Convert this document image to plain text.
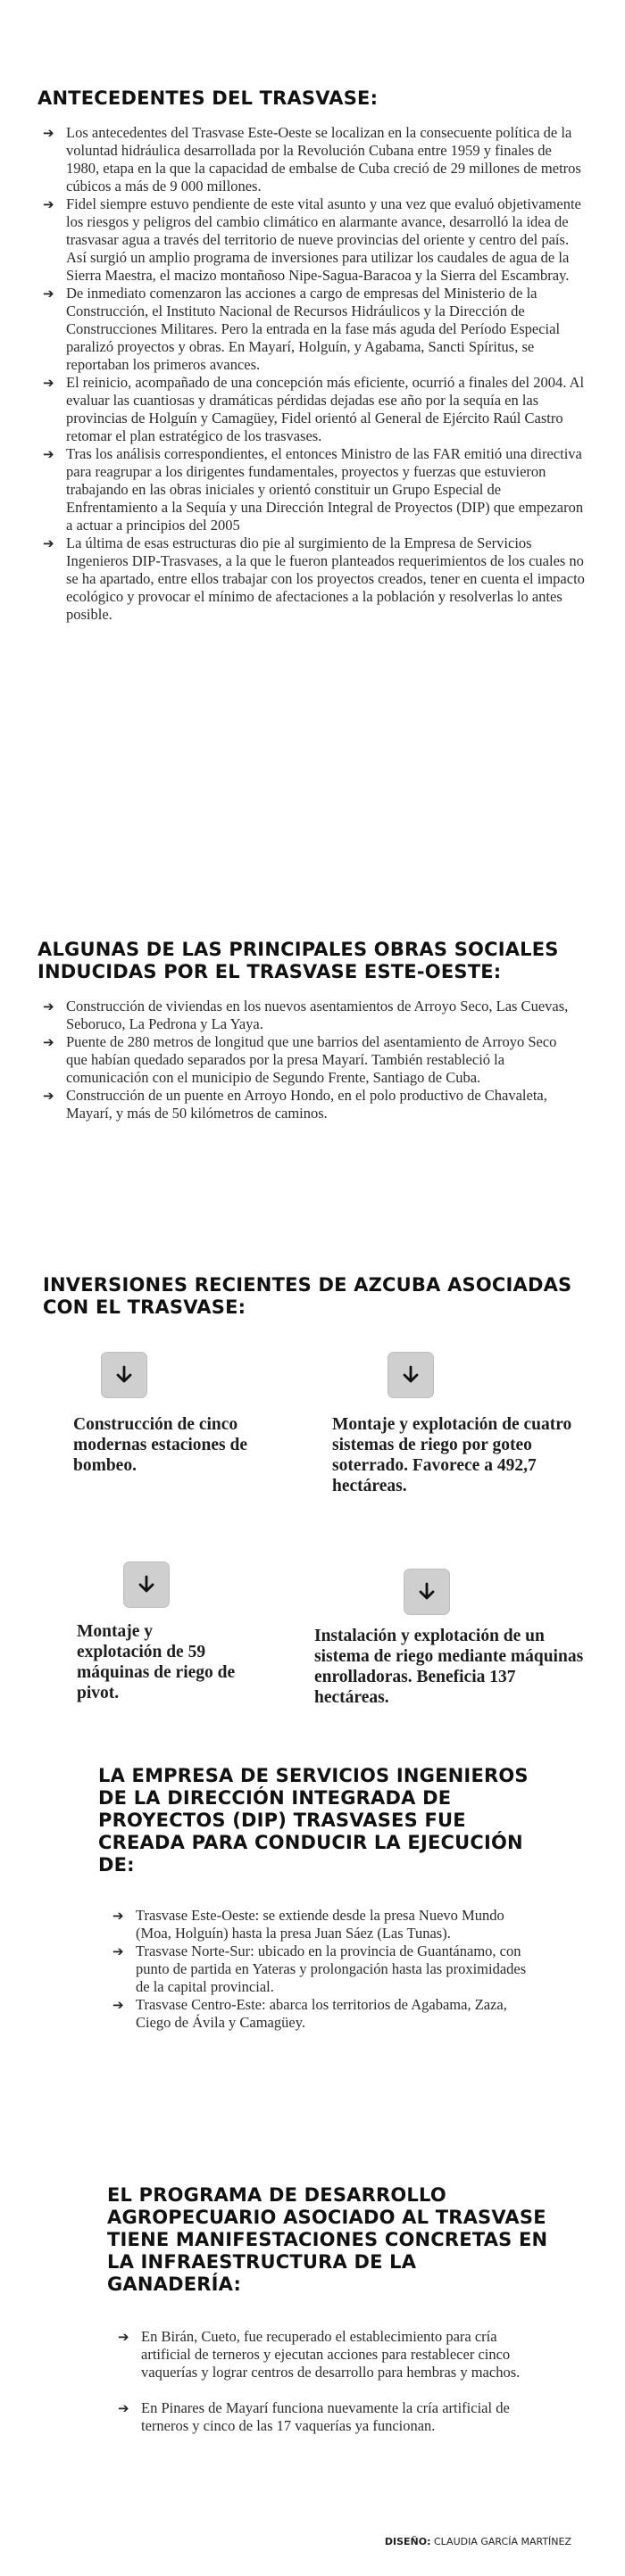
ANTECEDENTES DEL TRASVASE:
➔ Los antecedentes del Trasvase Este-Oeste se localizan en la consecuente política de la voluntad hidráulica desarrollada por la Revolución Cubana entre 1959 y finales de 1980, etapa en la que la capacidad de embalse de Cuba creció de 29 millones de metros cúbicos a más de 9 000 millones.
➔ Fidel siempre estuvo pendiente de este vital asunto y una vez que evaluó objetivamente los riesgos y peligros del cambio climático en alarmante avance, desarrolló la idea de trasvasar agua a través del territorio de nueve provincias del oriente y centro del país. Así surgió un amplio programa de inversiones para utilizar los caudales de agua de la Sierra Maestra, el macizo montañoso Nipe-Sagua-Baracoa y la Sierra del Escambray.
➔ De inmediato comenzaron las acciones a cargo de empresas del Ministerio de la Construcción, el Instituto Nacional de Recursos Hidráulicos y la Dirección de Construcciones Militares. Pero la entrada en la fase más aguda del Período Especial paralizó proyectos y obras. En Mayarí, Holguín, y Agabama, Sancti Spíritus, se reportaban los primeros avances.
➔ El reinicio, acompañado de una concepción más eficiente, ocurrió a finales del 2004. Al evaluar las cuantiosas y dramáticas pérdidas dejadas ese año por la sequía en las provincias de Holguín y Camagüey, Fidel orientó al General de Ejército Raúl Castro retomar el plan estratégico de los trasvases.
➔ Tras los análisis correspondientes, el entonces Ministro de las FAR emitió una directiva para reagrupar a los dirigentes fundamentales, proyectos y fuerzas que estuvieron trabajando en las obras iniciales y orientó constituir un Grupo Especial de Enfrentamiento a la Sequía y una Dirección Integral de Proyectos (DIP) que empezaron a actuar a principios del 2005
➔ La última de esas estructuras dio pie al surgimiento de la Empresa de Servicios Ingenieros DIP-Trasvases, a la que le fueron planteados requerimientos de los cuales no se ha apartado, entre ellos trabajar con los proyectos creados, tener en cuenta el impacto ecológico y provocar el mínimo de afectaciones a la población y resolverlas lo antes posible.
ALGUNAS DE LAS PRINCIPALES OBRAS SOCIALES INDUCIDAS POR EL TRASVASE ESTE-OESTE:
➔ Construcción de viviendas en los nuevos asentamientos de Arroyo Seco, Las Cuevas, Seboruco, La Pedrona y La Yaya.
➔ Puente de 280 metros de longitud que une barrios del asentamiento de Arroyo Seco que habían quedado separados por la presa Mayarí. También restableció la comunicación con el municipio de Segundo Frente, Santiago de Cuba.
➔ Construcción de un puente en Arroyo Hondo, en el polo productivo de Chavaleta, Mayarí, y más de 50 kilómetros de caminos.
INVERSIONES RECIENTES DE AZCUBA ASOCIADAS CON EL TRASVASE:
Construcción de cinco modernas estaciones de bombeo.
Montaje y explotación de cuatro sistemas de riego por goteo soterrado. Favorece a 492,7 hectáreas.
Montaje y explotación de 59 máquinas de riego de pivot.
Instalación y explotación de un sistema de riego mediante máquinas enrolladoras. Beneficia 137 hectáreas.
LA EMPRESA DE SERVICIOS INGENIEROS DE LA DIRECCIÓN INTEGRADA DE PROYECTOS (DIP) TRASVASES FUE CREADA PARA CONDUCIR LA EJECUCIÓN DE:
➔ Trasvase Este-Oeste: se extiende desde la presa Nuevo Mundo (Moa, Holguín) hasta la presa Juan Sáez (Las Tunas).
➔ Trasvase Norte-Sur: ubicado en la provincia de Guantánamo, con punto de partida en Yateras y prolongación hasta las proximidades de la capital provincial.
➔ Trasvase Centro-Este: abarca los territorios de Agabama, Zaza, Ciego de Ávila y Camagüey.
EL PROGRAMA DE DESARROLLO AGROPECUARIO ASOCIADO AL TRASVASE TIENE MANIFESTACIONES CONCRETAS EN LA INFRAESTRUCTURA DE LA GANADERÍA:
➔ En Birán, Cueto, fue recuperado el establecimiento para cría artificial de terneros y ejecutan acciones para restablecer cinco vaquerías y lograr centros de desarrollo para hembras y machos.
➔ En Pinares de Mayarí funciona nuevamente la cría artificial de terneros y cinco de las 17 vaquerías ya funcionan.
DISEÑO: CLAUDIA GARCÍA MARTÍNEZ
